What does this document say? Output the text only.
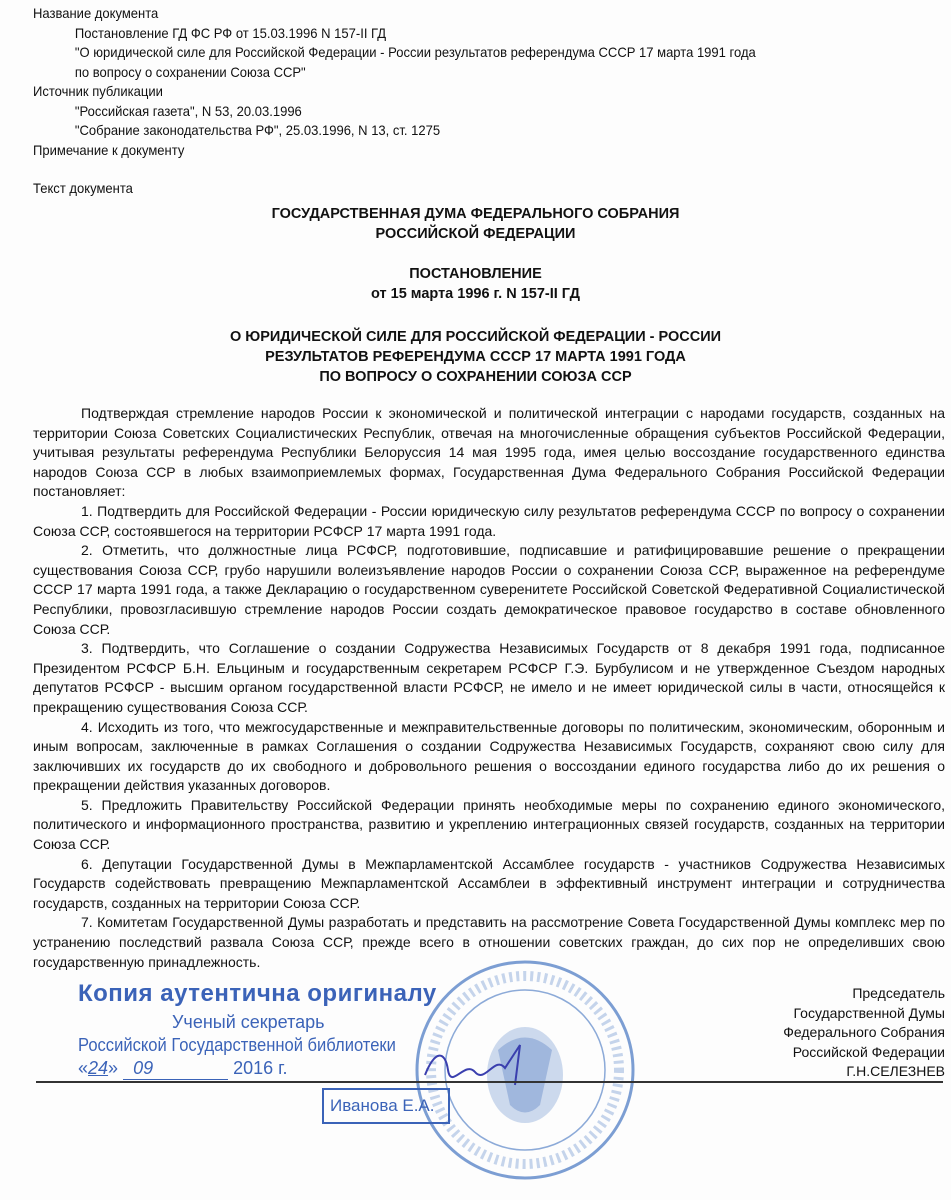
Название документа
Постановление ГД ФС РФ от 15.03.1996 N 157-II ГД
"О юридической силе для Российской Федерации - России результатов референдума СССР 17 марта 1991 года
по вопросу о сохранении Союза ССР"
Источник публикации
"Российская газета", N 53, 20.03.1996
"Собрание законодательства РФ", 25.03.1996, N 13, ст. 1275
Примечание к документу
Текст документа
ГОСУДАРСТВЕННАЯ ДУМА ФЕДЕРАЛЬНОГО СОБРАНИЯ
РОССИЙСКОЙ ФЕДЕРАЦИИ
ПОСТАНОВЛЕНИЕ
от 15 марта 1996 г. N 157-II ГД
О ЮРИДИЧЕСКОЙ СИЛЕ ДЛЯ РОССИЙСКОЙ ФЕДЕРАЦИИ - РОССИИ
РЕЗУЛЬТАТОВ РЕФЕРЕНДУМА СССР 17 МАРТА 1991 ГОДА
ПО ВОПРОСУ О СОХРАНЕНИИ СОЮЗА ССР

Подтверждая стремление народов России к экономической и политической интеграции с народами государств, созданных на территории Союза Советских Социалистических Республик, отвечая на многочисленные обращения субъектов Российской Федерации, учитывая результаты референдума Республики Белоруссия 14 мая 1995 года, имея целью воссоздание государственного единства народов Союза ССР в любых взаимоприемлемых формах, Государственная Дума Федерального Собрания Российской Федерации постановляет:

1. Подтвердить для Российской Федерации - России юридическую силу результатов референдума СССР по вопросу о сохранении Союза ССР, состоявшегося на территории РСФСР 17 марта 1991 года.

2. Отметить, что должностные лица РСФСР, подготовившие, подписавшие и ратифицировавшие решение о прекращении существования Союза ССР, грубо нарушили волеизъявление народов России о сохранении Союза ССР, выраженное на референдуме СССР 17 марта 1991 года, а также Декларацию о государственном суверенитете Российской Советской Федеративной Социалистической Республики, провозгласившую стремление народов России создать демократическое правовое государство в составе обновленного Союза ССР.

3. Подтвердить, что Соглашение о создании Содружества Независимых Государств от 8 декабря 1991 года, подписанное Президентом РСФСР Б.Н. Ельциным и государственным секретарем РСФСР Г.Э. Бурбулисом и не утвержденное Съездом народных депутатов РСФСР - высшим органом государственной власти РСФСР, не имело и не имеет юридической силы в части, относящейся к прекращению существования Союза ССР.

4. Исходить из того, что межгосударственные и межправительственные договоры по политическим, экономическим, оборонным и иным вопросам, заключенные в рамках Соглашения о создании Содружества Независимых Государств, сохраняют свою силу для заключивших их государств до их свободного и добровольного решения о воссоздании единого государства либо до их решения о прекращении действия указанных договоров.

5. Предложить Правительству Российской Федерации принять необходимые меры по сохранению единого экономического, политического и информационного пространства, развитию и укреплению интеграционных связей государств, созданных на территории Союза ССР.

6. Депутации Государственной Думы в Межпарламентской Ассамблее государств - участников Содружества Независимых Государств содействовать превращению Межпарламентской Ассамблеи в эффективный инструмент интеграции и сотрудничества государств, созданных на территории Союза ССР.

7. Комитетам Государственной Думы разработать и представить на рассмотрение Совета Государственной Думы комплекс мер по устранению последствий развала Союза ССР, прежде всего в отношении советских граждан, до сих пор не определивших свою государственную принадлежность.

Председатель
Государственной Думы
Федерального Собрания
Российской Федерации
Г.Н.СЕЛЕЗНЕВ
Копия аутентична оригиналу
Ученый секретарь
Российской Государственной библиотеки
«24» 09	2016 г.
Иванова Е.А.
